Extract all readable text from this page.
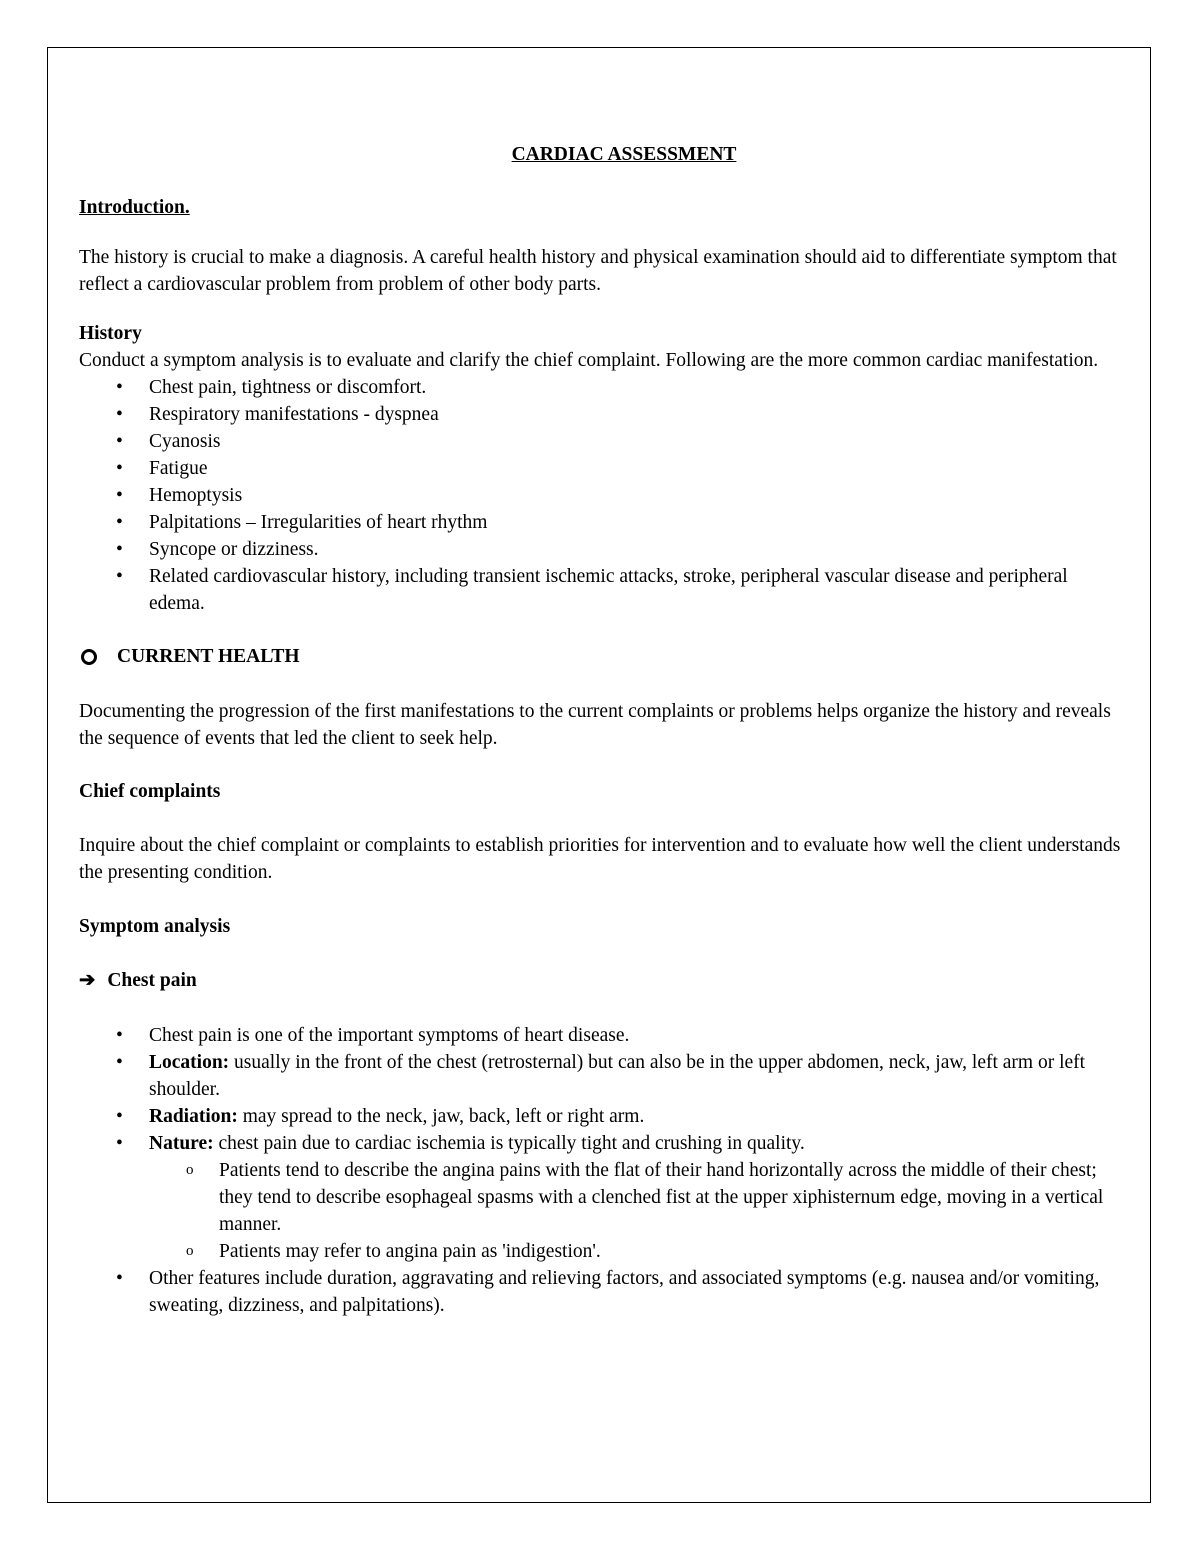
CARDIAC ASSESSMENT

Introduction.

The history is crucial to make a diagnosis. A careful health history and physical examination should aid to differentiate symptom that reflect a cardiovascular problem from problem of other body parts.

History

Conduct a symptom analysis is to evaluate and clarify the chief complaint. Following are the more common cardiac manifestation.

• Chest pain, tightness or discomfort.
• Respiratory manifestations - dyspnea
• Cyanosis
• Fatigue
• Hemoptysis
• Palpitations – Irregularities of heart rhythm
• Syncope or dizziness.
• Related cardiovascular history, including transient ischemic attacks, stroke, peripheral vascular disease and peripheral edema.
CURRENT HEALTH

Documenting the progression of the first manifestations to the current complaints or problems helps organize the history and reveals the sequence of events that led the client to seek help.

Chief complaints

Inquire about the chief complaint or complaints to establish priorities for intervention and to evaluate how well the client understands the presenting condition.

Symptom analysis

➔ Chest pain

• Chest pain is one of the important symptoms of heart disease.
• Location: usually in the front of the chest (retrosternal) but can also be in the upper abdomen, neck, jaw, left arm or left shoulder.
• Radiation: may spread to the neck, jaw, back, left or right arm.
• Nature: chest pain due to cardiac ischemia is typically tight and crushing in quality.
o Patients tend to describe the angina pains with the flat of their hand horizontally across the middle of their chest; they tend to describe esophageal spasms with a clenched fist at the upper xiphisternum edge, moving in a vertical manner.
o Patients may refer to angina pain as 'indigestion'.
• Other features include duration, aggravating and relieving factors, and associated symptoms (e.g. nausea and/or vomiting, sweating, dizziness, and palpitations).
